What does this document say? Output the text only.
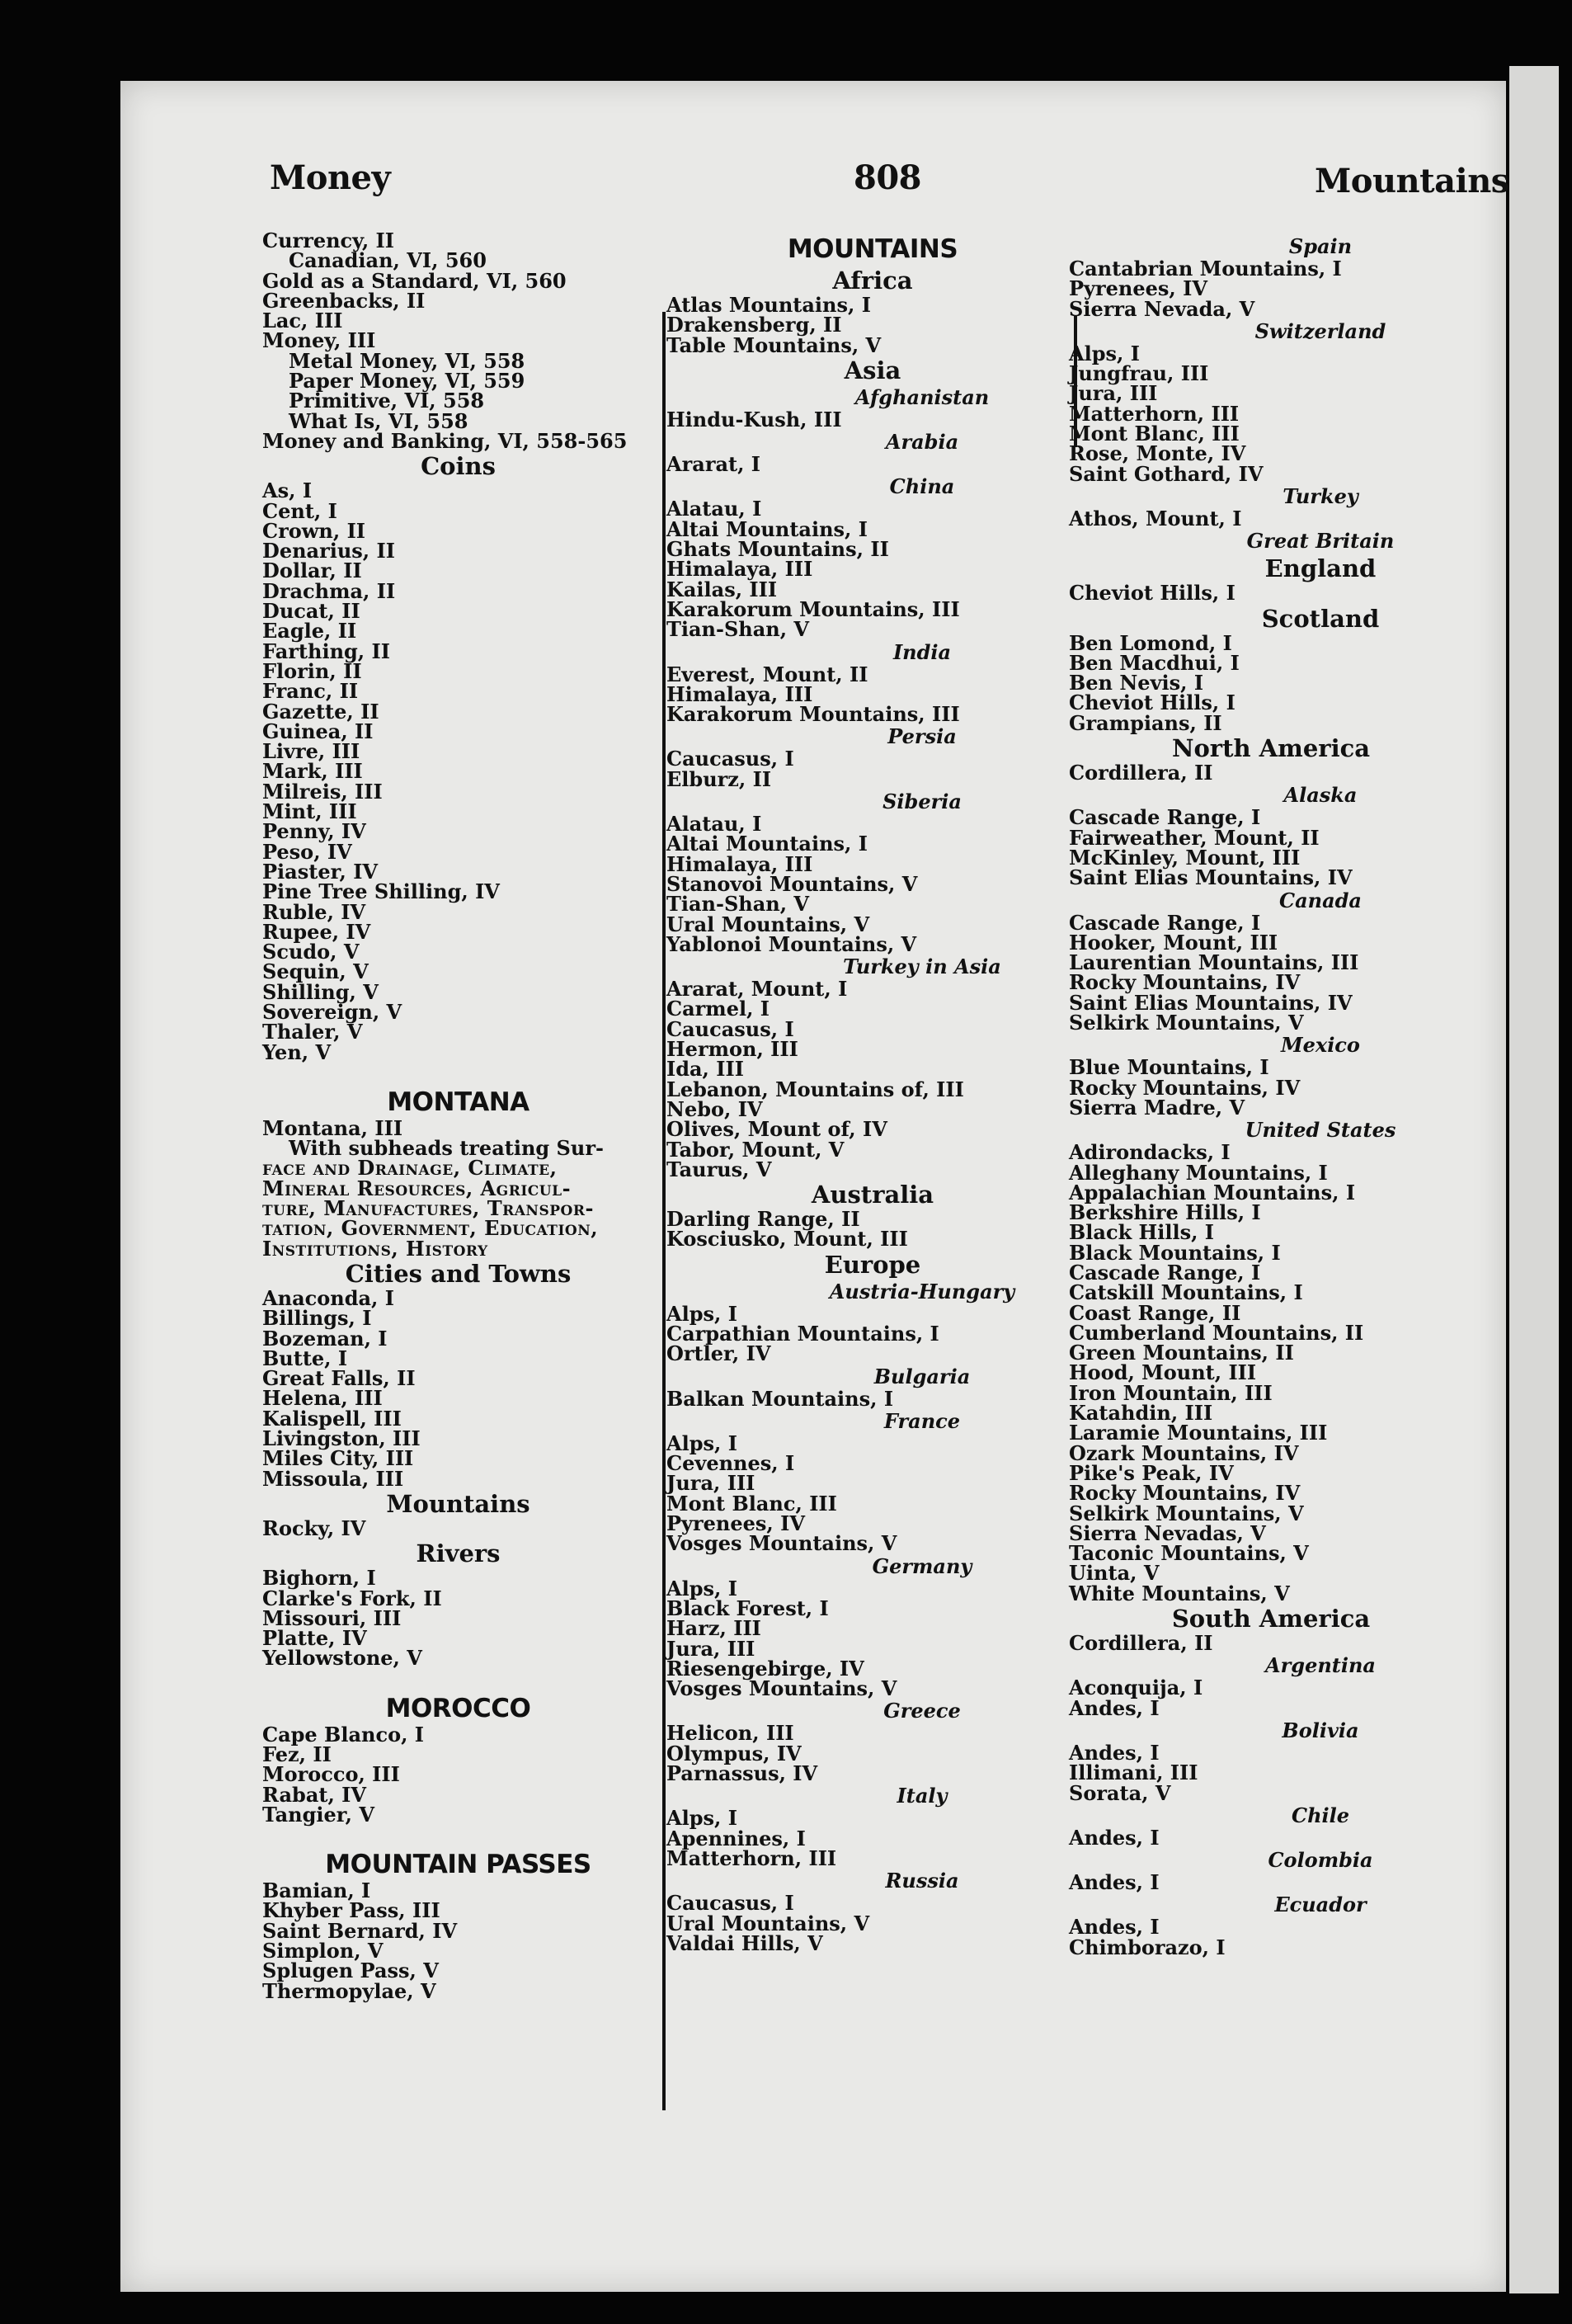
Money	808	Mountains
Currency, II
Canadian, VI, 560
Gold as a Standard, VI, 560
Greenbacks, II
Lac, III
Money, III
Metal Money, VI, 558
Paper Money, VI, 559
Primitive, VI, 558
What Is, VI, 558
Money and Banking, VI, 558-565
Coins
As, I
Cent, I
Crown, II
Denarius, II
Dollar, II
Drachma, II
Ducat, II
Eagle, II
Farthing, II
Florin, II
Franc, II
Gazette, II
Guinea, II
Livre, III
Mark, III
Milreis, III
Mint, III
Penny, IV
Peso, IV
Piaster, IV
Pine Tree Shilling, IV
Ruble, IV
Rupee, IV
Scudo, V
Sequin, V
Shilling, V
Sovereign, V
Thaler, V
Yen, V
MONTANA
Montana, III
With subheads treating Sur-
face and Drainage, Climate,
Mineral Resources, Agricul-
ture, Manufactures, Transpor-
tation, Government, Education,
Institutions, History
Cities and Towns
Anaconda, I
Billings, I
Bozeman, I
Butte, I
Great Falls, II
Helena, III
Kalispell, III
Livingston, III
Miles City, III
Missoula, III
Mountains
Rocky, IV
Rivers
Bighorn, I
Clarke's Fork, II
Missouri, III
Platte, IV
Yellowstone, V
MOROCCO
Cape Blanco, I
Fez, II
Morocco, III
Rabat, IV
Tangier, V
MOUNTAIN PASSES
Bamian, I
Khyber Pass, III
Saint Bernard, IV
Simplon, V
Splugen Pass, V
Thermopylae, V
MOUNTAINS
Africa
Atlas Mountains, I
Drakensberg, II
Table Mountains, V
Asia
Afghanistan
Hindu-Kush, III
Arabia
Ararat, I
China
Alatau, I
Altai Mountains, I
Ghats Mountains, II
Himalaya, III
Kailas, III
Karakorum Mountains, III
Tian-Shan, V
India
Everest, Mount, II
Himalaya, III
Karakorum Mountains, III
Persia
Caucasus, I
Elburz, II
Siberia
Alatau, I
Altai Mountains, I
Himalaya, III
Stanovoi Mountains, V
Tian-Shan, V
Ural Mountains, V
Yablonoi Mountains, V
Turkey in Asia
Ararat, Mount, I
Carmel, I
Caucasus, I
Hermon, III
Ida, III
Lebanon, Mountains of, III
Nebo, IV
Olives, Mount of, IV
Tabor, Mount, V
Taurus, V
Australia
Darling Range, II
Kosciusko, Mount, III
Europe
Austria-Hungary
Alps, I
Carpathian Mountains, I
Ortler, IV
Bulgaria
Balkan Mountains, I
France
Alps, I
Cevennes, I
Jura, III
Mont Blanc, III
Pyrenees, IV
Vosges Mountains, V
Germany
Alps, I
Black Forest, I
Harz, III
Jura, III
Riesengebirge, IV
Vosges Mountains, V
Greece
Helicon, III
Olympus, IV
Parnassus, IV
Italy
Alps, I
Apennines, I
Matterhorn, III
Russia
Caucasus, I
Ural Mountains, V
Valdai Hills, V
Spain
Cantabrian Mountains, I
Pyrenees, IV
Sierra Nevada, V
Switzerland
Alps, I
Jungfrau, III
Jura, III
Matterhorn, III
Mont Blanc, III
Rose, Monte, IV
Saint Gothard, IV
Turkey
Athos, Mount, I
Great Britain
England
Cheviot Hills, I
Scotland
Ben Lomond, I
Ben Macdhui, I
Ben Nevis, I
Cheviot Hills, I
Grampians, II
North America
Cordillera, II
Alaska
Cascade Range, I
Fairweather, Mount, II
McKinley, Mount, III
Saint Elias Mountains, IV
Canada
Cascade Range, I
Hooker, Mount, III
Laurentian Mountains, III
Rocky Mountains, IV
Saint Elias Mountains, IV
Selkirk Mountains, V
Mexico
Blue Mountains, I
Rocky Mountains, IV
Sierra Madre, V
United States
Adirondacks, I
Alleghany Mountains, I
Appalachian Mountains, I
Berkshire Hills, I
Black Hills, I
Black Mountains, I
Cascade Range, I
Catskill Mountains, I
Coast Range, II
Cumberland Mountains, II
Green Mountains, II
Hood, Mount, III
Iron Mountain, III
Katahdin, III
Laramie Mountains, III
Ozark Mountains, IV
Pike's Peak, IV
Rocky Mountains, IV
Selkirk Mountains, V
Sierra Nevadas, V
Taconic Mountains, V
Uinta, V
White Mountains, V
South America
Cordillera, II
Argentina
Aconquija, I
Andes, I
Bolivia
Andes, I
Illimani, III
Sorata, V
Chile
Andes, I
Colombia
Andes, I
Ecuador
Andes, I
Chimborazo, I
